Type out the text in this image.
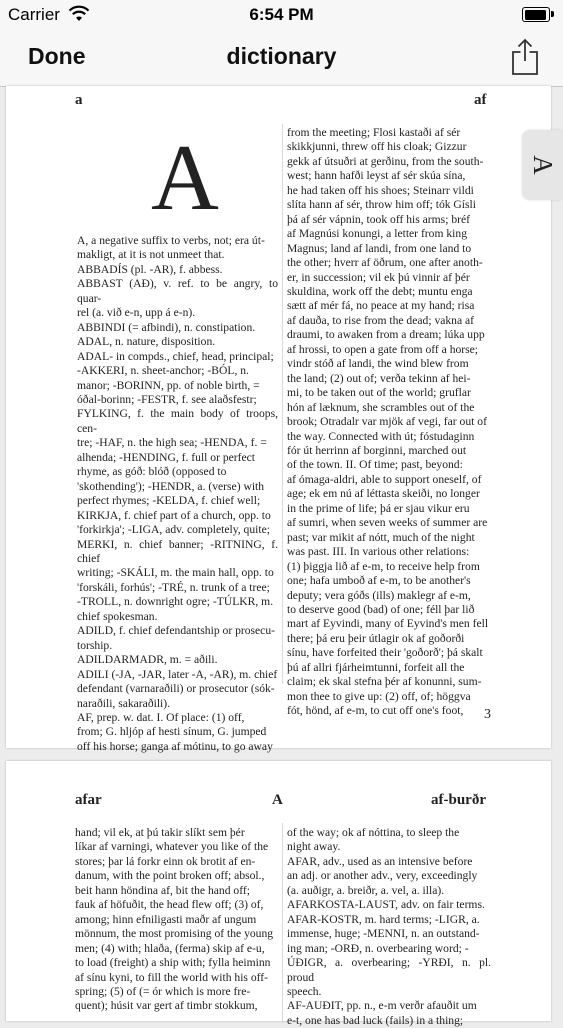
Carrier	6:54 PM
Done	dictionary
a	af
A
A, a negative suffix to verbs, not; era út-
makligt, at it is not unmeet that.
ABBADÍS (pl. -AR), f. abbess.
ABBAST (AÐ), v. ref. to be angry, to quar-
rel (a. við e-n, upp á e-n).
ABBINDI (= afbindi), n. constipation.
ADAL, n. nature, disposition.
ADAL- in compds., chief, head, principal;
-AKKERI, n. sheet-anchor; -BÓL, n.
manor; -BORINN, pp. of noble birth, =
óðal-borinn; -FESTR, f. see alaðsfestr;
FYLKING, f. the main body of troops, cen-
tre; -HAF, n. the high sea; -HENDA, f. =
alhenda; -HENDING, f. full or perfect
rhyme, as góð: blóð (opposed to
'skothending'); -HENDR, a. (verse) with
perfect rhymes; -KELDA, f. chief well;
KIRKJA, f. chief part of a church, opp. to
'forkirkja'; -LIGA, adv. completely, quite;
MERKI, n. chief banner; -RITNING, f. chief
writing; -SKÁLI, m. the main hall, opp. to
'forskáli, forhús'; -TRÉ, n. trunk of a tree;
-TROLL, n. downright ogre; -TÚLKR, m.
chief spokesman.
ADILD, f. chief defendantship or prosecu-
torship.
ADILDARMADR, m. = aðili.
ADILI (-JA, -JAR, later -A, -AR), m. chief
defendant (varnaraðili) or prosecutor (sók-
naraðili, sakaraðili).
AF, prep. w. dat. I. Of place: (1) off,
from; G. hljóp af hesti sínum, G. jumped
off his horse; ganga af mótinu, to go away
from the meeting; Flosi kastaði af sér
skikkjunni, threw off his cloak; Gizzur
gekk af útsuðri at gerðinu, from the south-
west; hann hafði leyst af sér skúa sína,
he had taken off his shoes; Steinarr vildi
slíta hann af sér, throw him off; tók Gísli
þá af sér vápnin, took off his arms; bréf
af Magnúsi konungi, a letter from king
Magnus; land af landi, from one land to
the other; hverr af öðrum, one after anoth-
er, in succession; vil ek þú vinnir af þér
skuldina, work off the debt; muntu enga
sætt af mér fá, no peace at my hand; risa
af dauða, to rise from the dead; vakna af
draumi, to awaken from a dream; lúka upp
af hrossi, to open a gate from off a horse;
vindr stóð af landi, the wind blew from
the land; (2) out of; verða tekinn af hei-
mi, to be taken out of the world; gruflar
hón af læknum, she scrambles out of the
brook; Otradalr var mjök af vegi, far out of
the way. Connected with út; fóstudaginn
fór út herrinn af borginni, marched out
of the town. II. Of time; past, beyond:
af ómaga-aldri, able to support oneself, of
age; ek em nú af léttasta skeiði, no longer
in the prime of life; þá er sjau vikur eru
af sumri, when seven weeks of summer are
past; var mikit af nótt, much of the night
was past. III. In various other relations:
(1) þiggja lið af e-m, to receive help from
one; hafa umboð af e-m, to be another's
deputy; vera góðs (ills) maklegr af e-m,
to deserve good (bad) of one; féll þar lið
mart af Eyvindi, many of Eyvind's men fell
there; þá eru þeir útlagir ok af goðorði
sínu, have forfeited their 'goðorð'; þá skalt
þú af allri fjárheimtunni, forfeit all the
claim; ek skal stefna þér af konunni, sum-
mon thee to give up: (2) off, of; höggva
fót, hönd, af e-m, to cut off one's foot,	3
afar	A	af-burðr
hand; vil ek, at þú takir slíkt sem þér
líkar af varningi, whatever you like of the
stores; þar lá forkr einn ok brotit af en-
danum, with the point broken off; absol.,
beit hann höndina af, bit the hand off;
fauk af höfuðit, the head flew off; (3) of,
among; hinn efniligasti maðr af ungum
mönnum, the most promising of the young
men; (4) with; hlaða, (ferma) skip af e-u,
to load (freight) a ship with; fylla heiminn
af sínu kyni, to fill the world with his off-
spring; (5) of (= ór which is more fre-
quent); húsit var gert af timbr stokkum,
of the way; ok af nóttina, to sleep the
night away.
AFAR, adv., used as an intensive before
an adj. or another adv., very, exceedingly
(a. auðigr, a. breiðr, a. vel, a. illa).
AFARKOSTA-LAUST, adv. on fair terms.
AFAR-KOSTR, m. hard terms; -LIGR, a.
immense, huge; -MENNI, n. an outstand-
ing man; -ORÐ, n. overbearing word; -
ÚÐIGR, a. overbearing; -YRÐI, n. pl. proud
speech.
AF-AUÐIT, pp. n., e-m verðr afauðit um
e-t, one has bad luck (fails) in a thing;
A
